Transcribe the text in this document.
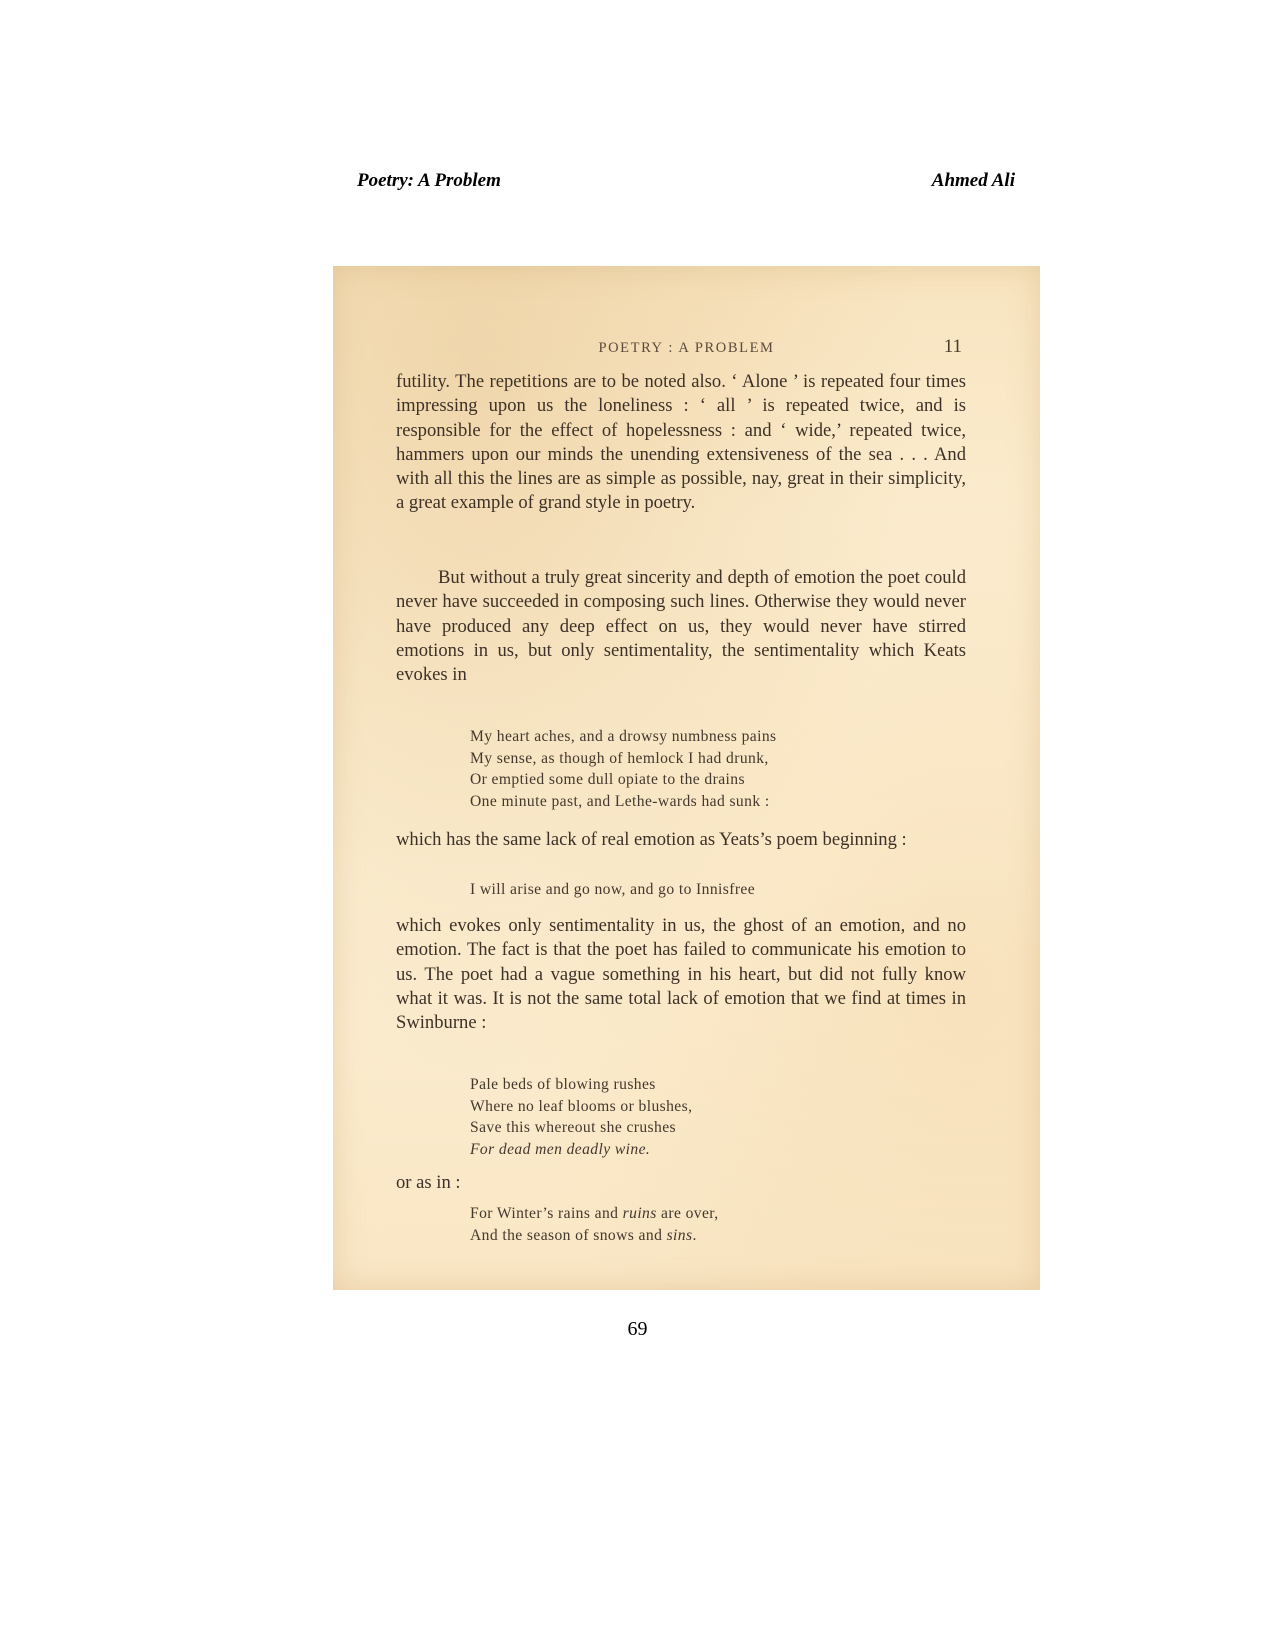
Poetry: A Problem	Ahmed Ali
POETRY : A PROBLEM	11

futility. The repetitions are to be noted also. ‘ Alone ’ is repeated four times impressing upon us the loneliness : ‘ all ’ is repeated twice, and is responsible for the effect of hopelessness : and ‘ wide,’ repeated twice, hammers upon our minds the unending extensiveness of the sea . . . And with all this the lines are as simple as possible, nay, great in their simplicity, a great example of grand style in poetry.

But without a truly great sincerity and depth of emotion the poet could never have succeeded in composing such lines. Otherwise they would never have produced any deep effect on us, they would never have stirred emotions in us, but only sentimentality, the sentimentality which Keats evokes in

My heart aches, and a drowsy numbness pains
My sense, as though of hemlock I had drunk,
Or emptied some dull opiate to the drains
One minute past, and Lethe-wards had sunk :

which has the same lack of real emotion as Yeats’s poem beginning :

I will arise and go now, and go to Innisfree

which evokes only sentimentality in us, the ghost of an emotion, and no emotion. The fact is that the poet has failed to communicate his emotion to us. The poet had a vague something in his heart, but did not fully know what it was. It is not the same total lack of emotion that we find at times in Swinburne :

Pale beds of blowing rushes
Where no leaf blooms or blushes,
Save this whereout she crushes
For dead men deadly wine.

or as in :

For Winter’s rains and ruins are over,
And the season of snows and sins.
69
